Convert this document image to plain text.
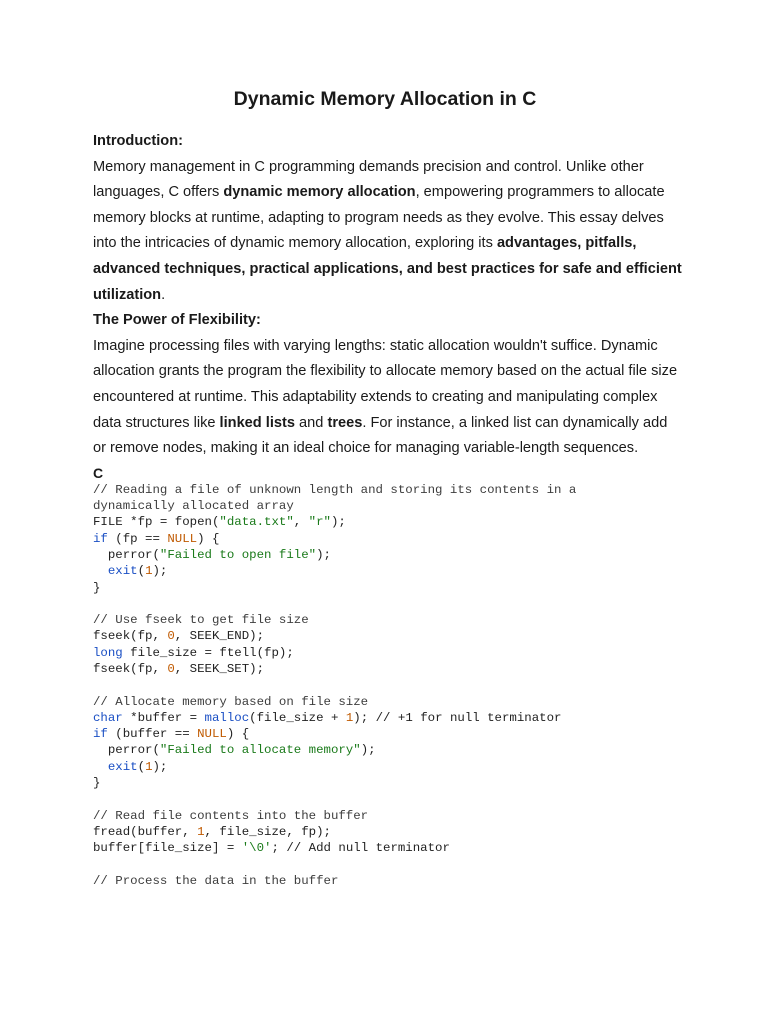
Dynamic Memory Allocation in C

Introduction:

Memory management in C programming demands precision and control. Unlike other languages, C offers dynamic memory allocation, empowering programmers to allocate memory blocks at runtime, adapting to program needs as they evolve. This essay delves into the intricacies of dynamic memory allocation, exploring its advantages, pitfalls, advanced techniques, practical applications, and best practices for safe and efficient utilization.

The Power of Flexibility:

Imagine processing files with varying lengths: static allocation wouldn't suffice. Dynamic allocation grants the program the flexibility to allocate memory based on the actual file size encountered at runtime. This adaptability extends to creating and manipulating complex data structures like linked lists and trees. For instance, a linked list can dynamically add or remove nodes, making it an ideal choice for managing variable-length sequences.

C
// Reading a file of unknown length and storing its contents in a
dynamically allocated array
FILE *fp = fopen("data.txt", "r");
if (fp == NULL) {
perror("Failed to open file");
exit(1);
}
// Use fseek to get file size
fseek(fp, 0, SEEK_END);
long file_size = ftell(fp);
fseek(fp, 0, SEEK_SET);
// Allocate memory based on file size
char *buffer = malloc(file_size + 1); // +1 for null terminator
if (buffer == NULL) {
perror("Failed to allocate memory");
exit(1);
}
// Read file contents into the buffer
fread(buffer, 1, file_size, fp);
buffer[file_size] = '\0'; // Add null terminator
// Process the data in the buffer
